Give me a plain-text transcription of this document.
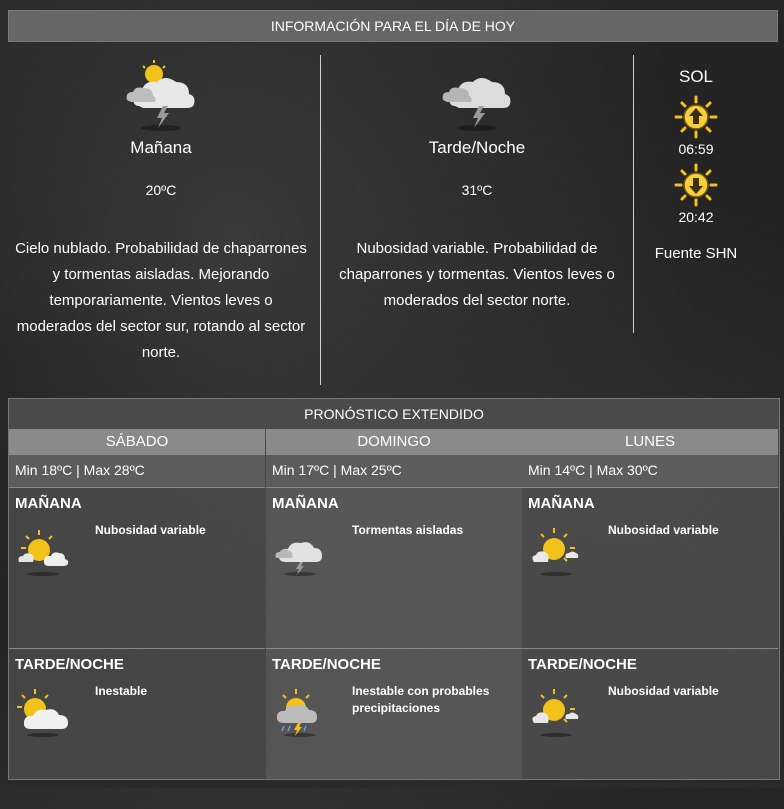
INFORMACIÓN PARA EL DÍA DE HOY
Mañana
20ºC
Cielo nublado. Probabilidad de chaparrones y tormentas aisladas. Mejorando temporariamente. Vientos leves o moderados del sector sur, rotando al sector norte.
Tarde/Noche
31ºC
Nubosidad variable. Probabilidad de chaparrones y tormentas. Vientos leves o moderados del sector norte.
SOL
06:59
20:42
Fuente SHN
PRONÓSTICO EXTENDIDO
SÁBADO
Min 18ºC | Max 28ºC
MAÑANA
Nubosidad variable
TARDE/NOCHE
Inestable
DOMINGO
Min 17ºC | Max 25ºC
MAÑANA
Tormentas aisladas
TARDE/NOCHE
Inestable con probables precipitaciones
LUNES
Min 14ºC | Max 30ºC
MAÑANA
Nubosidad variable
TARDE/NOCHE
Nubosidad variable
